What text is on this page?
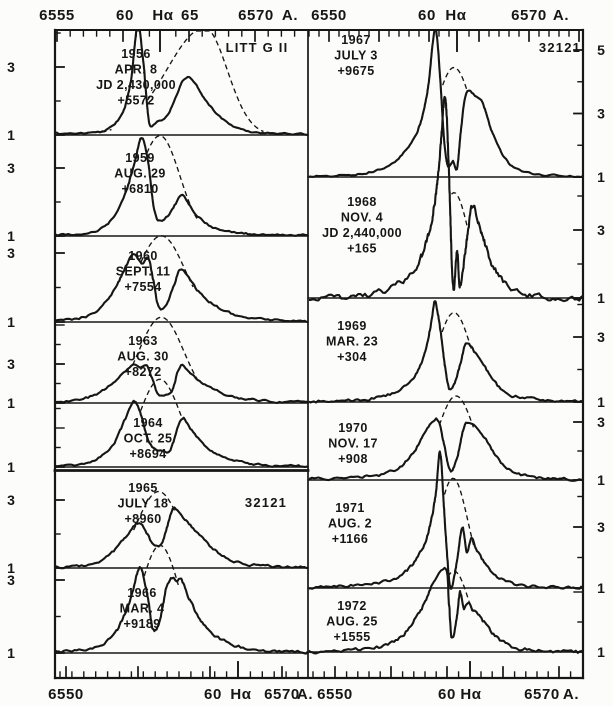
6555	60 Hα 65	6570 A. 6550	60 Hα	6570 A.
6550	60 Hα 6570
A. 6550	60 Hα	6570 A.
1
3
1956
APR. 8
JD 2,430,000
+5572
1
3
1959
AUG. 29
+6810
1
3	1960
SEPT. 11
+7554
1
3
1963
AUG. 30
+8272
1
1964
OCT. 25
+8694
1
3
1965
JULY 18
+8960
1
3
1966
MAR. 4
+9189
1
3
5
1967
JULY 3
+9675
1
3
1968
NOV. 4
JD 2,440,000
+165
1
3
1969
MAR. 23
+304
1
3
1970
NOV. 17
+908
1
3
1971
AUG. 2
+1166
1
1972
AUG. 25
+1555
LITT G II	32121
32121
